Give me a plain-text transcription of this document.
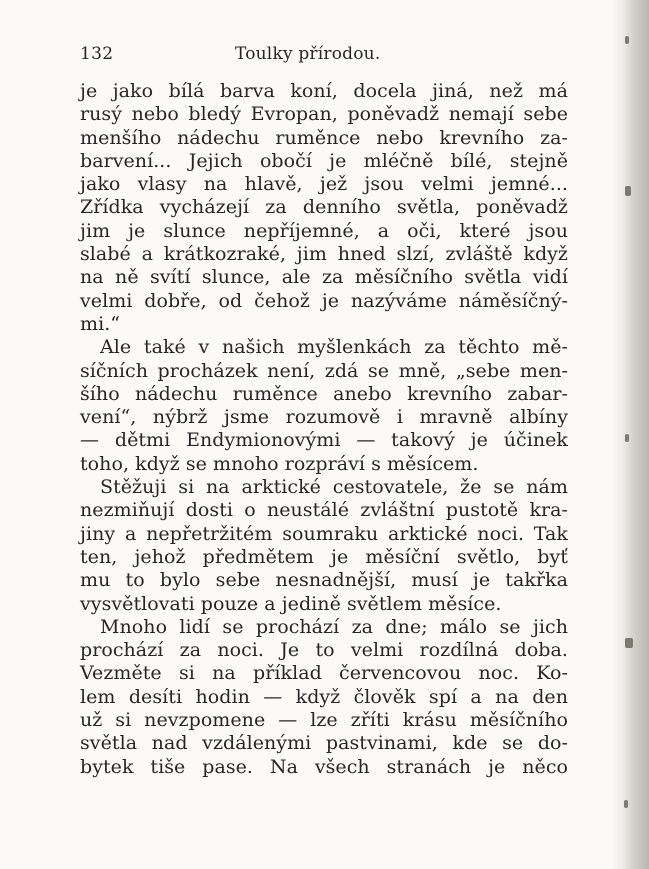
132	Toulky přírodou.
je jako bílá barva koní, docela jiná, než má
rusý nebo bledý Evropan, poněvadž nemají sebe
menšího nádechu ruměnce nebo krevního za-
barvení... Jejich obočí je mléčně bílé, stejně
jako vlasy na hlavě, jež jsou velmi jemné...
Zřídka vycházejí za denního světla, poněvadž
jim je slunce nepříjemné, a oči, které jsou
slabé a krátkozraké, jim hned slzí, zvláště když
na ně svítí slunce, ale za měsíčního světla vidí
velmi dobře, od čehož je nazýváme náměsíčný-
mi.“
Ale také v našich myšlenkách za těchto mě-
síčních procházek není, zdá se mně, „sebe men-
šího nádechu ruměnce anebo krevního zabar-
vení“, nýbrž jsme rozumově i mravně albíny
— dětmi Endymionovými — takový je účinek
toho, když se mnoho rozpráví s měsícem.
Stěžuji si na arktické cestovatele, že se nám
nezmiňují dosti o neustálé zvláštní pustotě kra-
jiny a nepřetržitém soumraku arktické noci. Tak
ten, jehož předmětem je měsíční světlo, byť
mu to bylo sebe nesnadnější, musí je takřka
vysvětlovati pouze a jedině světlem měsíce.
Mnoho lidí se prochází za dne; málo se jich
prochází za noci. Je to velmi rozdílná doba.
Vezměte si na příklad červencovou noc. Ko-
lem desíti hodin — když člověk spí a na den
už si nevzpomene — lze zříti krásu měsíčního
světla nad vzdálenými pastvinami, kde se do-
bytek tiše pase. Na všech stranách je něco
